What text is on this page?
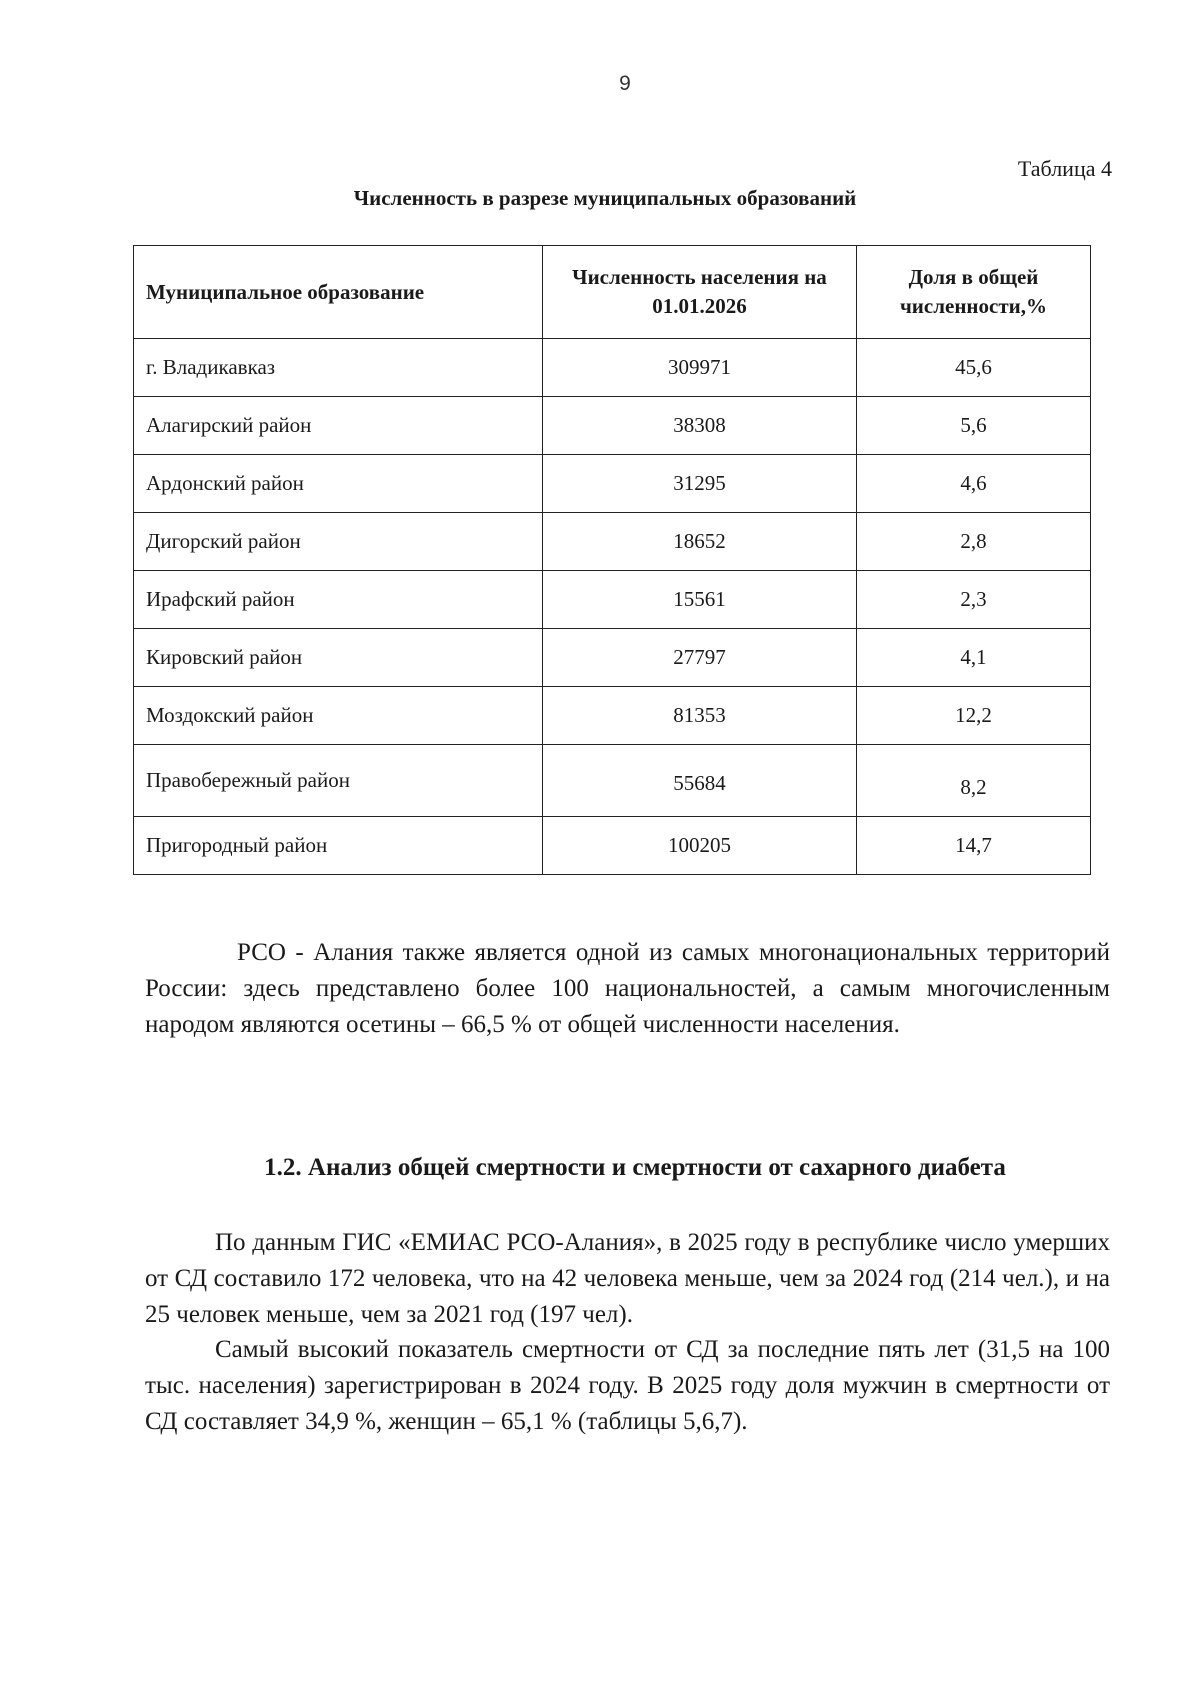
9
Таблица 4
Численность в разрезе муниципальных образований
Муниципальное образование	Численность населения на 01.01.2026	Доля в общей численности,%
г. Владикавказ	309971	45,6
Алагирский район	38308	5,6
Ардонский район	31295	4,6
Дигорский район	18652	2,8
Ирафский район	15561	2,3
Кировский район	27797	4,1
Моздокский район	81353	12,2
Правобережный район	55684	8,2
Пригородный район	100205	14,7

РСО - Алания также является одной из самых многонациональных территорий России: здесь представлено более 100 национальностей, а самым многочисленным народом являются осетины – 66,5 % от общей численности населения.

1.2. Анализ общей смертности и смертности от сахарного диабета

По данным ГИС «ЕМИАС РСО-Алания», в 2025 году в республике число умерших от СД составило 172 человека, что на 42 человека меньше, чем за 2024 год (214 чел.), и на 25 человек меньше, чем за 2021 год (197 чел).

Самый высокий показатель смертности от СД за последние пять лет (31,5 на 100 тыс. населения) зарегистрирован в 2024 году. В 2025 году доля мужчин в смертности от СД составляет 34,9 %, женщин – 65,1 % (таблицы 5,6,7).
